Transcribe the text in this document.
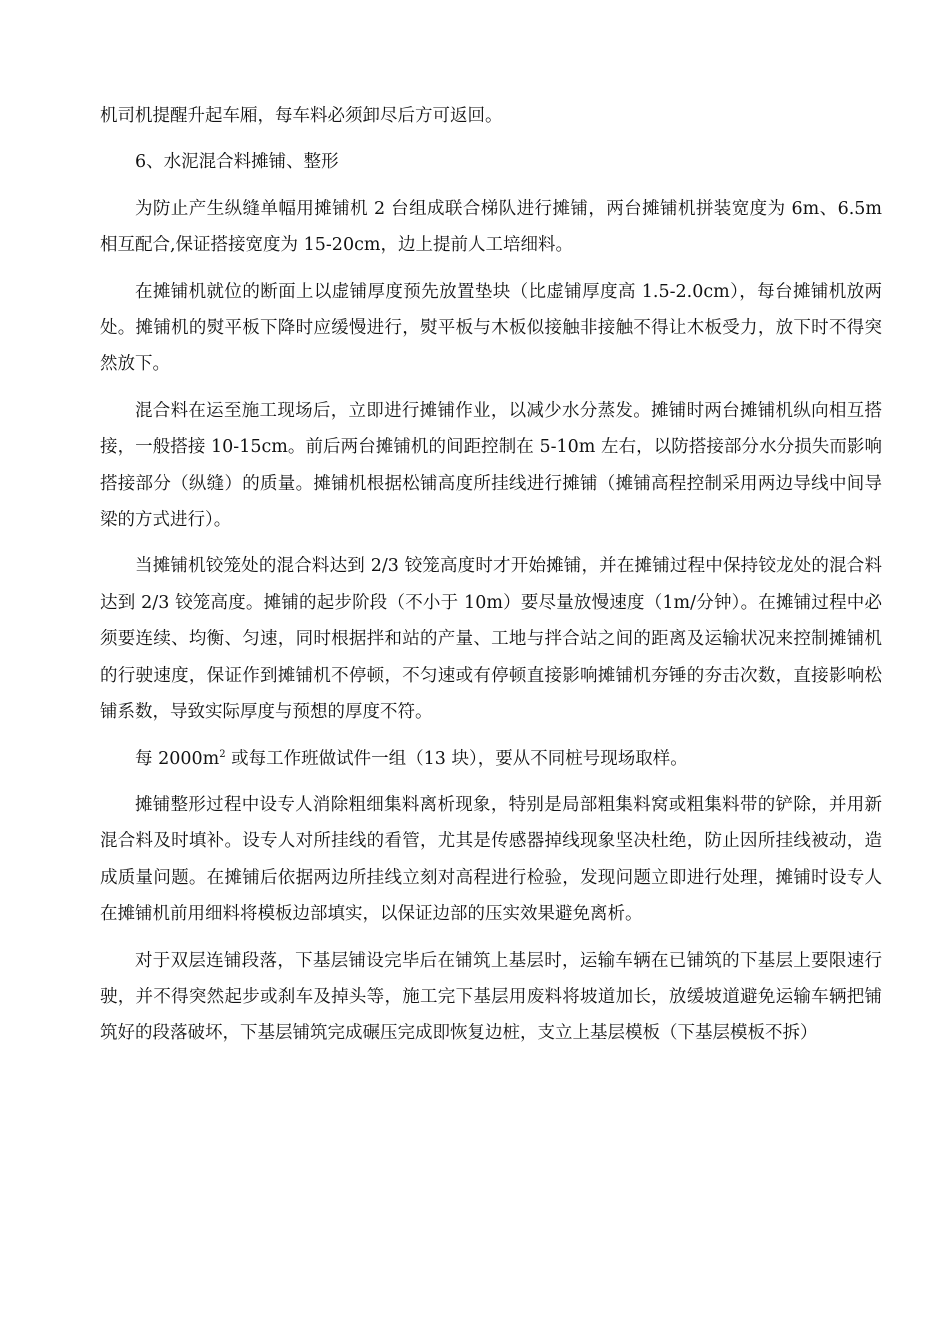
机司机提醒升起车厢，每车料必须卸尽后方可返回。

6、水泥混合料摊铺、整形

为防止产生纵缝单幅用摊铺机 2 台组成联合梯队进行摊铺，两台摊铺机拼装宽度为 6m、6.5m 相互配合,保证搭接宽度为 15-20cm，边上提前人工培细料。

在摊铺机就位的断面上以虚铺厚度预先放置垫块（比虚铺厚度高 1.5-2.0cm），每台摊铺机放两处。摊铺机的熨平板下降时应缓慢进行，熨平板与木板似接触非接触不得让木板受力，放下时不得突然放下。

混合料在运至施工现场后，立即进行摊铺作业，以减少水分蒸发。摊铺时两台摊铺机纵向相互搭接，一般搭接 10-15cm。前后两台摊铺机的间距控制在 5-10m 左右，以防搭接部分水分损失而影响搭接部分（纵缝）的质量。摊铺机根据松铺高度所挂线进行摊铺（摊铺高程控制采用两边导线中间导梁的方式进行）。

当摊铺机铰笼处的混合料达到 2/3 铰笼高度时才开始摊铺，并在摊铺过程中保持铰龙处的混合料达到 2/3 铰笼高度。摊铺的起步阶段（不小于 10m）要尽量放慢速度（1m/分钟）。在摊铺过程中必须要连续、均衡、匀速，同时根据拌和站的产量、工地与拌合站之间的距离及运输状况来控制摊铺机的行驶速度，保证作到摊铺机不停顿，不匀速或有停顿直接影响摊铺机夯锤的夯击次数，直接影响松铺系数，导致实际厚度与预想的厚度不符。

每 $2000m^2$ 或每工作班做试件一组（13 块），要从不同桩号现场取样。

摊铺整形过程中设专人消除粗细集料离析现象，特别是局部粗集料窝或粗集料带的铲除，并用新混合料及时填补。设专人对所挂线的看管，尤其是传感器掉线现象坚决杜绝，防止因所挂线被动，造成质量问题。在摊铺后依据两边所挂线立刻对高程进行检验，发现问题立即进行处理，摊铺时设专人在摊铺机前用细料将模板边部填实，以保证边部的压实效果避免离析。

对于双层连铺段落，下基层铺设完毕后在铺筑上基层时，运输车辆在已铺筑的下基层上要限速行驶，并不得突然起步或刹车及掉头等，施工完下基层用废料将坡道加长，放缓坡道避免运输车辆把铺筑好的段落破坏，下基层铺筑完成碾压完成即恢复边桩，支立上基层模板（下基层模板不拆）
